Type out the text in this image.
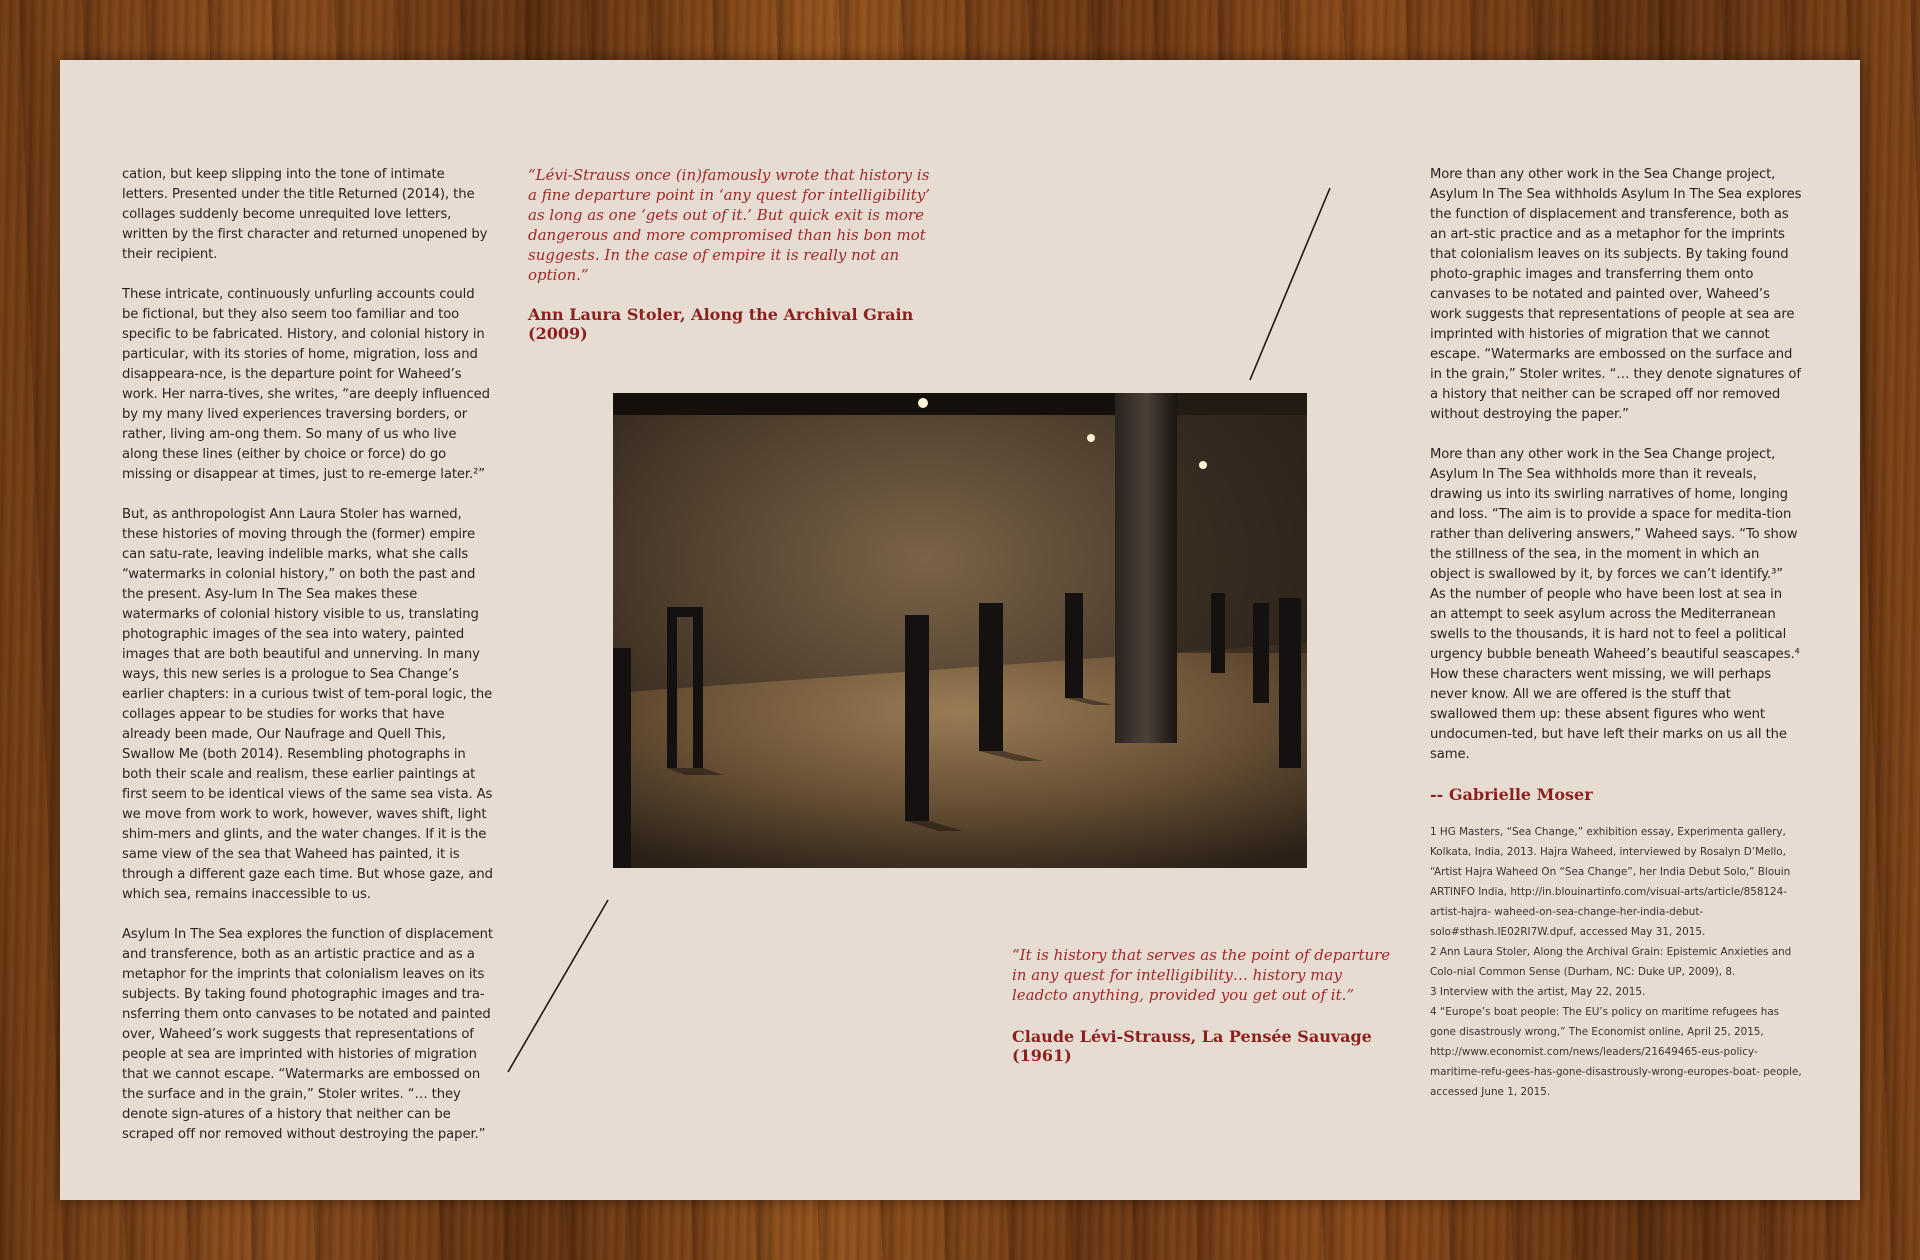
cation, but keep slipping into the tone of intimate letters. Presented under the title Returned (2014), the collages suddenly become unrequited love letters, written by the first character and returned unopened by their recipient.

These intricate, continuously unfurling accounts could be fictional, but they also seem too familiar and too specific to be fabricated. History, and colonial history in particular, with its stories of home, migration, loss and disappeara-nce, is the departure point for Waheed’s work. Her narra-tives, she writes, “are deeply influenced by my many lived experiences traversing borders, or rather, living am-ong them. So many of us who live along these lines (either by choice or force) do go missing or disappear at times, just to re-emerge later.²”

But, as anthropologist Ann Laura Stoler has warned, these histories of moving through the (former) empire can satu-rate, leaving indelible marks, what she calls “watermarks in colonial history,” on both the past and the present. Asy-lum In The Sea makes these watermarks of colonial history visible to us, translating photographic images of the sea into watery, painted images that are both beautiful and unnerving. In many ways, this new series is a prologue to Sea Change’s earlier chapters: in a curious twist of tem-poral logic, the collages appear to be studies for works that have already been made, Our Naufrage and Quell This, Swallow Me (both 2014). Resembling photographs in both their scale and realism, these earlier paintings at first seem to be identical views of the same sea vista. As we move from work to work, however, waves shift, light shim-mers and glints, and the water changes. If it is the same view of the sea that Waheed has painted, it is through a different gaze each time. But whose gaze, and which sea, remains inaccessible to us.

Asylum In The Sea explores the function of displacement and transference, both as an artistic practice and as a metaphor for the imprints that colonialism leaves on its subjects. By taking found photographic images and tra-nsferring them onto canvases to be notated and painted over, Waheed’s work suggests that representations of people at sea are imprinted with histories of migration that we cannot escape. “Watermarks are embossed on the surface and in the grain,” Stoler writes. “… they denote sign-atures of a history that neither can be scraped off nor removed without destroying the paper.”

“Lévi-Strauss once (in)famously wrote that history is a fine departure point in ‘any quest for intelligibility’ as long as one ‘gets out of it.’ But quick exit is more dangerous and more compromised than his bon mot suggests. In the case of empire it is really not an option.”

Ann Laura Stoler, Along the Archival Grain (2009)

“It is history that serves as the point of departure in any quest for intelligibility… history may leadcto anything, provided you get out of it.”

Claude Lévi-Strauss, La Pensée Sauvage (1961)

More than any other work in the Sea Change project, Asylum In The Sea withholds Asylum In The Sea explores the function of displacement and transference, both as an art-stic practice and as a metaphor for the imprints that colonialism leaves on its subjects. By taking found photo-graphic images and transferring them onto canvases to be notated and painted over, Waheed’s work suggests that representations of people at sea are imprinted with histories of migration that we cannot escape. “Watermarks are embossed on the surface and in the grain,” Stoler writes. “… they denote signatures of a history that neither can be scraped off nor removed without destroying the paper.”

More than any other work in the Sea Change project, Asylum In The Sea withholds more than it reveals, drawing us into its swirling narratives of home, longing and loss. “The aim is to provide a space for medita-tion rather than delivering answers,” Waheed says. “To show the stillness of the sea, in the moment in which an object is swallowed by it, by forces we can’t identify.³” As the number of people who have been lost at sea in an attempt to seek asylum across the Mediterranean swells to the thousands, it is hard not to feel a political urgency bubble beneath Waheed’s beautiful seascapes.⁴ How these characters went missing, we will perhaps never know. All we are offered is the stuff that swallowed them up: these absent figures who went undocumen-ted, but have left their marks on us all the same.

-- Gabrielle Moser

1 HG Masters, “Sea Change,” exhibition essay, Experimenta gallery, Kolkata, India, 2013. Hajra Waheed, interviewed by Rosalyn D’Mello, “Artist Hajra Waheed On “Sea Change”, her India Debut Solo,” Blouin ARTINFO India, http://in.blouinartinfo.com/visual-arts/article/858124-artist-hajra- waheed-on-sea-change-her-india-debut-solo#sthash.IE02RI7W.dpuf, accessed May 31, 2015.

2 Ann Laura Stoler, Along the Archival Grain: Epistemic Anxieties and Colo-nial Common Sense (Durham, NC: Duke UP, 2009), 8.

3 Interview with the artist, May 22, 2015.

4 “Europe’s boat people: The EU’s policy on maritime refugees has gone disastrously wrong,” The Economist online, April 25, 2015, http://www.economist.com/news/leaders/21649465-eus-policy- maritime-refu-gees-has-gone-disastrously-wrong-europes-boat- people, accessed June 1, 2015.
